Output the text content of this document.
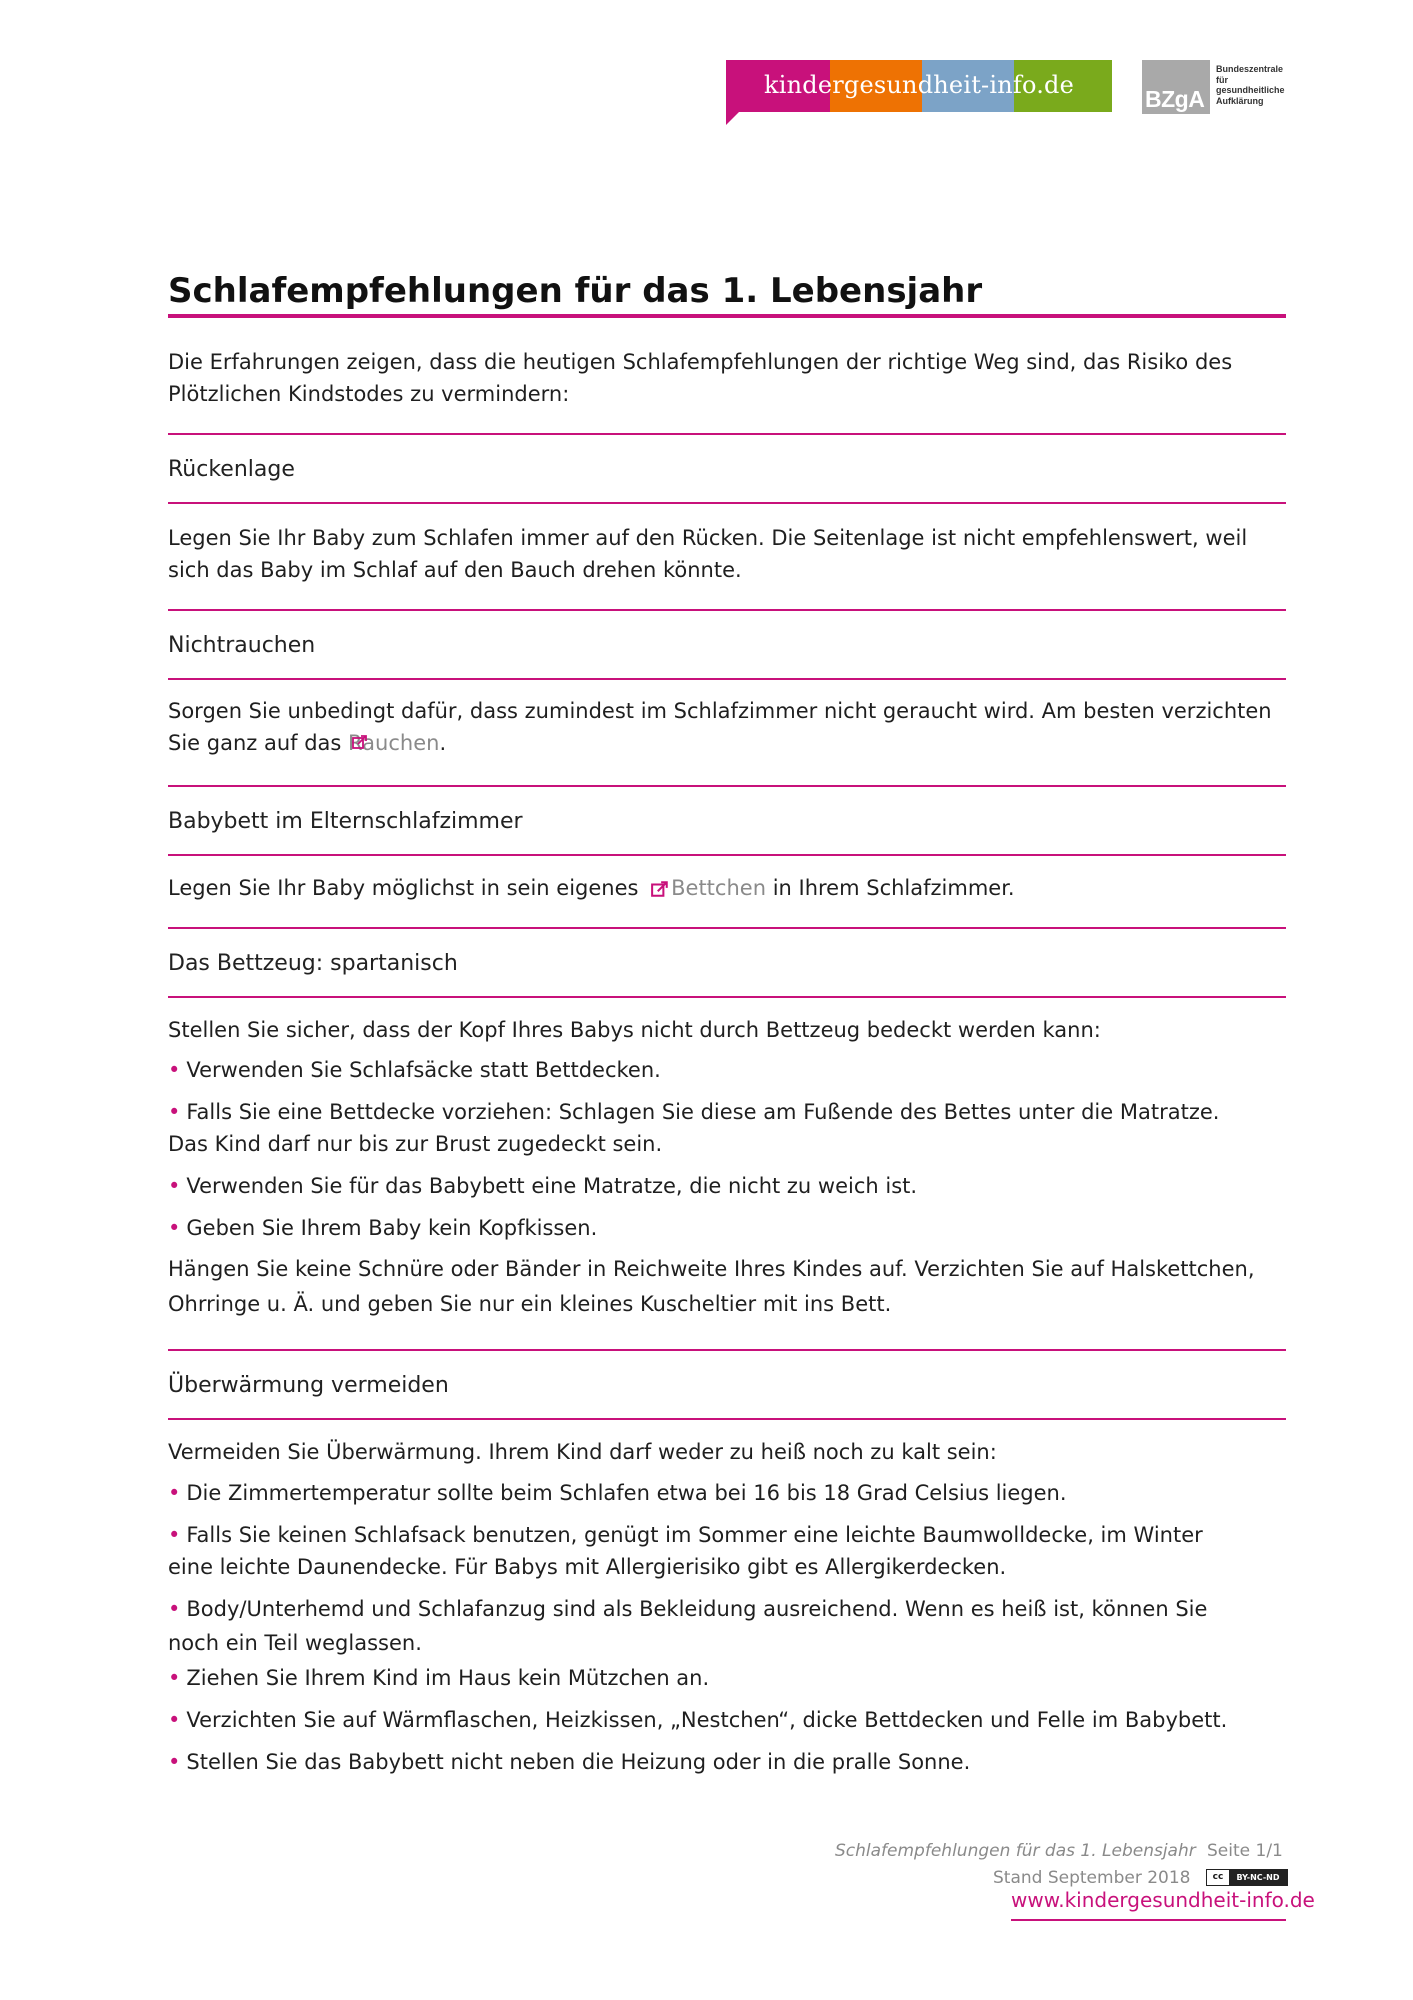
kindergesundheit-info.de	BZgA
Bundeszentrale
für
gesundheitliche
Aufklärung
Schlafempfehlungen für das 1. Lebensjahr
Die Erfahrungen zeigen, dass die heutigen Schlafempfehlungen der richtige Weg sind, das Risiko des Plötzlichen Kindstodes zu vermindern:
Rückenlage
Legen Sie Ihr Baby zum Schlafen immer auf den Rücken. Die Seitenlage ist nicht empfehlenswert, weil sich das Baby im Schlaf auf den Bauch drehen könnte.
Nichtrauchen
Sorgen Sie unbedingt dafür, dass zumindest im Schlafzimmer nicht geraucht wird. Am besten verzichten
Sie ganz auf das
Rauchen.
Babybett im Elternschlafzimmer
Legen Sie Ihr Baby möglichst in sein eigenes Bettchen in Ihrem Schlafzimmer.
Das Bettzeug: spartanisch
Stellen Sie sicher, dass der Kopf Ihres Babys nicht durch Bettzeug bedeckt werden kann:
• Verwenden Sie Schlafsäcke statt Bettdecken.
• Falls Sie eine Bettdecke vorziehen: Schlagen Sie diese am Fußende des Bettes unter die Matratze.
Das Kind darf nur bis zur Brust zugedeckt sein.
• Verwenden Sie für das Babybett eine Matratze, die nicht zu weich ist.
• Geben Sie Ihrem Baby kein Kopfkissen.
Hängen Sie keine Schnüre oder Bänder in Reichweite Ihres Kindes auf. Verzichten Sie auf Halskettchen,
Ohrringe u. Ä. und geben Sie nur ein kleines Kuscheltier mit ins Bett.
Überwärmung vermeiden
Vermeiden Sie Überwärmung. Ihrem Kind darf weder zu heiß noch zu kalt sein:
• Die Zimmertemperatur sollte beim Schlafen etwa bei 16 bis 18 Grad Celsius liegen.
• Falls Sie keinen Schlafsack benutzen, genügt im Sommer eine leichte Baumwolldecke, im Winter
eine leichte Daunendecke. Für Babys mit Allergierisiko gibt es Allergikerdecken.
• Body/Unterhemd und Schlafanzug sind als Bekleidung ausreichend. Wenn es heiß ist, können Sie
noch ein Teil weglassen.
• Ziehen Sie Ihrem Kind im Haus kein Mützchen an.
• Verzichten Sie auf Wärmflaschen, Heizkissen, „Nestchen“, dicke Bettdecken und Felle im Babybett.
• Stellen Sie das Babybett nicht neben die Heizung oder in die pralle Sonne.
Schlafempfehlungen für das 1. Lebensjahr Seite 1/1
Stand September 2018	cc	BY-NC-ND
www.kindergesundheit-info.de
